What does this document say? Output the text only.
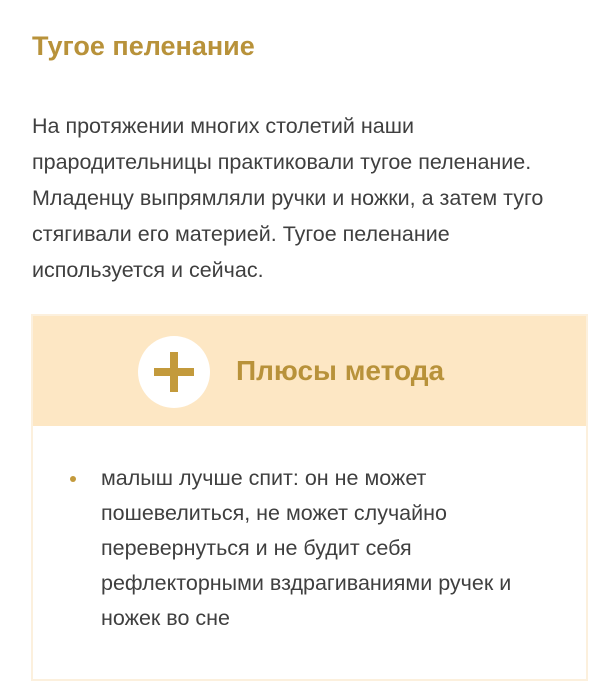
Тугое пеленание

На протяжении многих столетий наши прародительницы практиковали тугое пеленание. Младенцу выпрямляли ручки и ножки, а затем туго стягивали его материей. Тугое пеленание используется и сейчас.

Плюсы метода
малыш лучше спит: он не может пошевелиться, не может случайно перевернуться и не будит себя рефлекторными вздрагиваниями ручек и ножек во сне
